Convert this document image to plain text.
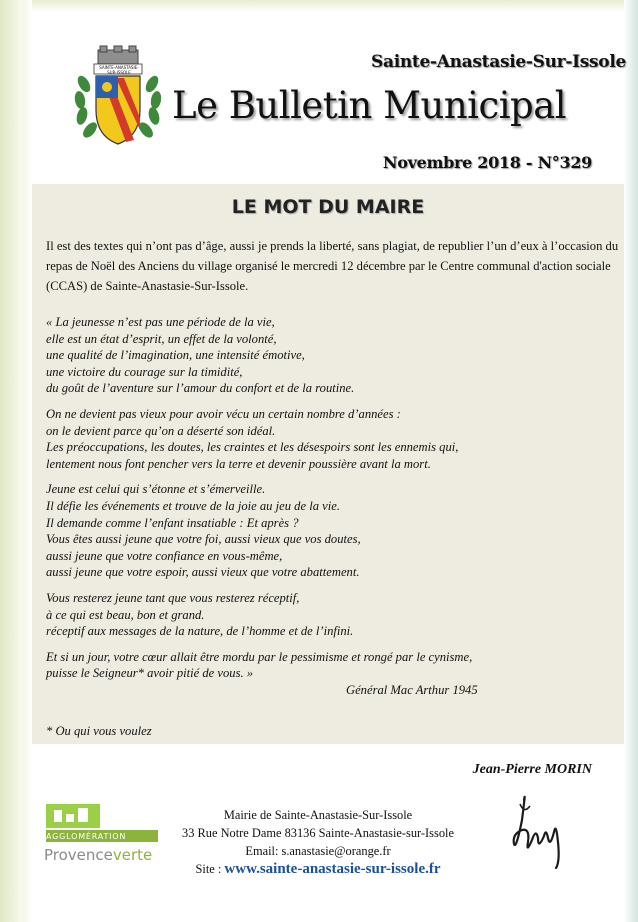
SAINTE-ANASTASIE-SUR-ISSOLE
Sainte-Anastasie-Sur-Issole
Le Bulletin Municipal
Novembre 2018 - N°329
LE MOT DU MAIRE
Il est des textes qui n’ont pas d’âge, aussi je prends la liberté, sans plagiat, de republier l’un d’eux à l’occasion du repas de Noël des Anciens du village organisé le mercredi 12 décembre par le Centre communal d'action sociale (CCAS) de Sainte-Anastasie-Sur-Issole.
« La jeunesse n’est pas une période de la vie,
elle est un état d’esprit, un effet de la volonté,
une qualité de l’imagination, une intensité émotive,
une victoire du courage sur la timidité,
du goût de l’aventure sur l’amour du confort et de la routine.
On ne devient pas vieux pour avoir vécu un certain nombre d’années :
on le devient parce qu’on a déserté son idéal.
Les préoccupations, les doutes, les craintes et les désespoirs sont les ennemis qui,
lentement nous font pencher vers la terre et devenir poussière avant la mort.
Jeune est celui qui s’étonne et s’émerveille.
Il défie les événements et trouve de la joie au jeu de la vie.
Il demande comme l’enfant insatiable : Et après ?
Vous êtes aussi jeune que votre foi, aussi vieux que vos doutes,
aussi jeune que votre confiance en vous-même,
aussi jeune que votre espoir, aussi vieux que votre abattement.
Vous resterez jeune tant que vous resterez réceptif,
à ce qui est beau, bon et grand.
réceptif aux messages de la nature, de l’homme et de l’infini.
Et si un jour, votre cœur allait être mordu par le pessimisme et rongé par le cynisme,
puisse le Seigneur* avoir pitié de vous. »
Général Mac Arthur 1945
* Ou qui vous voulez
Jean-Pierre MORIN
AGGLOMÉRATION
Provenceverte
Mairie de Sainte-Anastasie-Sur-Issole
33 Rue Notre Dame 83136 Sainte-Anastasie-sur-Issole
Email: s.anastasie@orange.fr
Site : www.sainte-anastasie-sur-issole.fr
